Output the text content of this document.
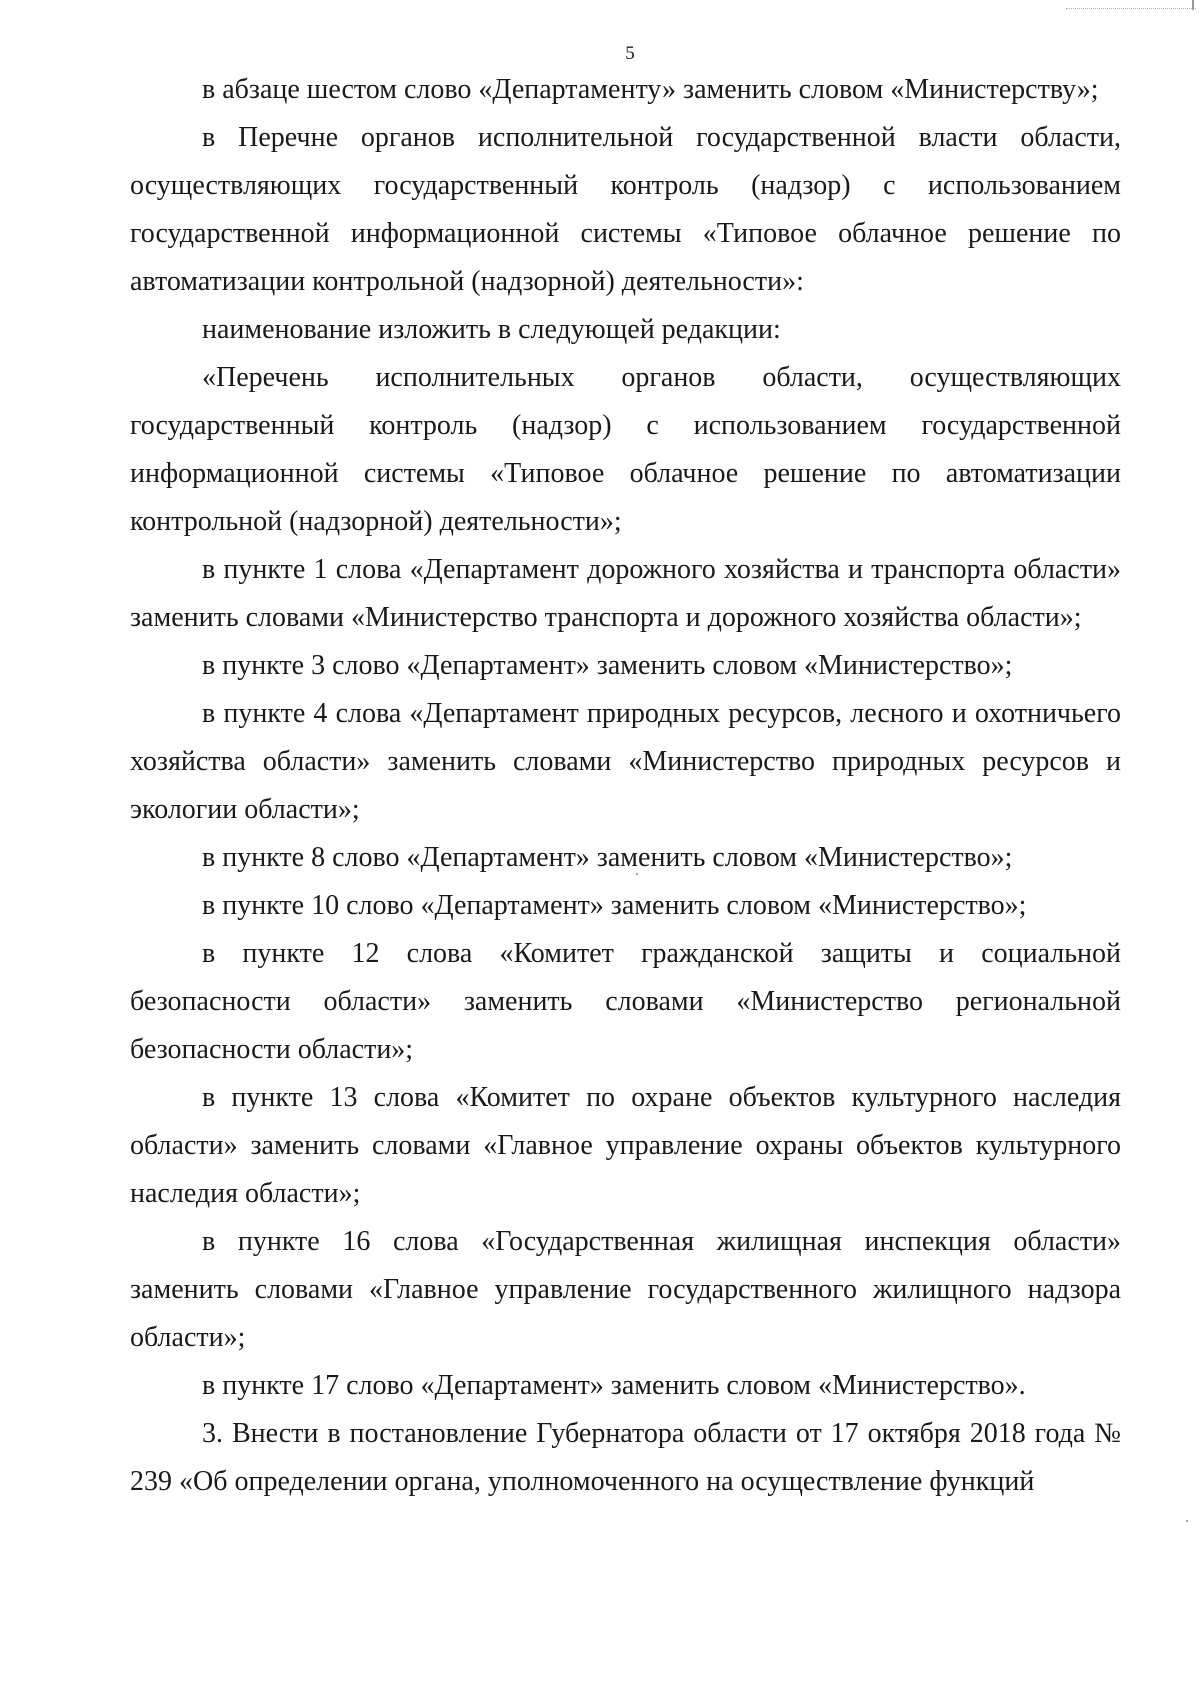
5

в абзаце шестом слово «Департаменту» заменить словом «Министерству»;

в Перечне органов исполнительной государственной власти области, осуществляющих государственный контроль (надзор) с использованием государственной информационной системы «Типовое облачное решение по автоматизации контрольной (надзорной) деятельности»:

наименование изложить в следующей редакции:

«Перечень исполнительных органов области, осуществляющих государственный контроль (надзор) с использованием государственной информационной системы «Типовое облачное решение по автоматизации контрольной (надзорной) деятельности»;

в пункте 1 слова «Департамент дорожного хозяйства и транспорта области» заменить словами «Министерство транспорта и дорожного хозяйства области»;

в пункте 3 слово «Департамент» заменить словом «Министерство»;

в пункте 4 слова «Департамент природных ресурсов, лесного и охотничьего хозяйства области» заменить словами «Министерство природных ресурсов и экологии области»;

в пункте 8 слово «Департамент» заменить словом «Министерство»;

в пункте 10 слово «Департамент» заменить словом «Министерство»;

в пункте 12 слова «Комитет гражданской защиты и социальной безопасности области» заменить словами «Министерство региональной безопасности области»;

в пункте 13 слова «Комитет по охране объектов культурного наследия области» заменить словами «Главное управление охраны объектов культурного наследия области»;

в пункте 16 слова «Государственная жилищная инспекция области» заменить словами «Главное управление государственного жилищного надзора области»;

в пункте 17 слово «Департамент» заменить словом «Министерство».

3. Внести в постановление Губернатора области от 17 октября 2018 года № 239 «Об определении органа, уполномоченного на осуществление функций
